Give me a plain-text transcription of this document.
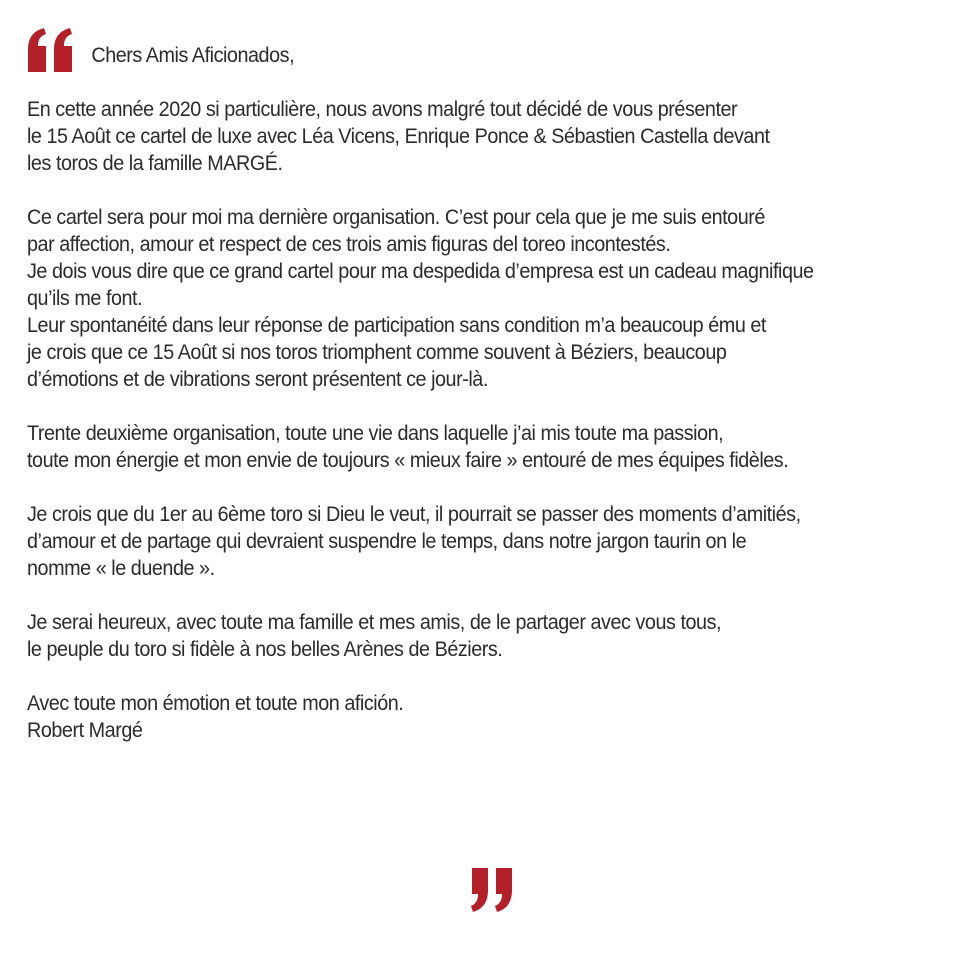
Chers Amis Aficionados,
En cette année 2020 si particulière, nous avons malgré tout décidé de vous présenter
le 15 Août ce cartel de luxe avec Léa Vicens, Enrique Ponce & Sébastien Castella devant
les toros de la famille MARGÉ.
Ce cartel sera pour moi ma dernière organisation. C’est pour cela que je me suis entouré
par affection, amour et respect de ces trois amis figuras del toreo incontestés.
Je dois vous dire que ce grand cartel pour ma despedida d’empresa est un cadeau magnifique
qu’ils me font.
Leur spontanéité dans leur réponse de participation sans condition m’a beaucoup ému et
je crois que ce 15 Août si nos toros triomphent comme souvent à Béziers, beaucoup
d’émotions et de vibrations seront présentent ce jour-là.
Trente deuxième organisation, toute une vie dans laquelle j’ai mis toute ma passion,
toute mon énergie et mon envie de toujours « mieux faire » entouré de mes équipes fidèles.
Je crois que du 1er au 6ème toro si Dieu le veut, il pourrait se passer des moments d’amitiés,
d’amour et de partage qui devraient suspendre le temps, dans notre jargon taurin on le
nomme « le duende ».
Je serai heureux, avec toute ma famille et mes amis, de le partager avec vous tous,
le peuple du toro si fidèle à nos belles Arènes de Béziers.
Avec toute mon émotion et toute mon afición.
Robert Margé
